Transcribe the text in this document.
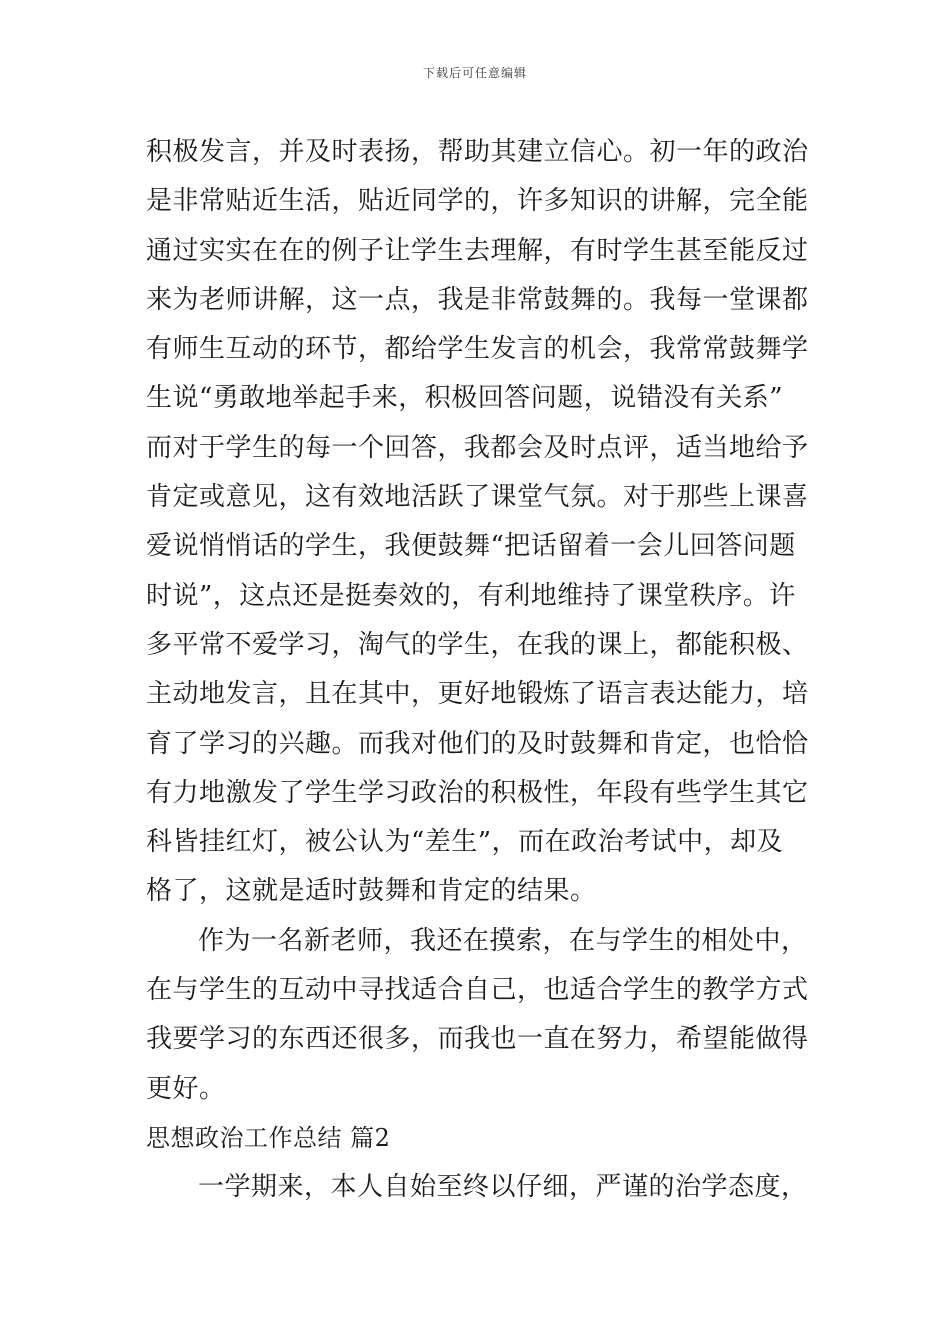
下载后可任意编辑
积极发言，并及时表扬，帮助其建立信心。初一年的政治
是非常贴近生活，贴近同学的，许多知识的讲解，完全能
通过实实在在的例子让学生去理解，有时学生甚至能反过
来为老师讲解，这一点，我是非常鼓舞的。我每一堂课都
有师生互动的环节，都给学生发言的机会，我常常鼓舞学
生说“勇敢地举起手来，积极回答问题，说错没有关系”
而对于学生的每一个回答，我都会及时点评，适当地给予
肯定或意见，这有效地活跃了课堂气氛。对于那些上课喜
爱说悄悄话的学生，我便鼓舞“把话留着一会儿回答问题
时说”，这点还是挺奏效的，有利地维持了课堂秩序。许
多平常不爱学习，淘气的学生，在我的课上，都能积极、
主动地发言，且在其中，更好地锻炼了语言表达能力，培
育了学习的兴趣。而我对他们的及时鼓舞和肯定，也恰恰
有力地激发了学生学习政治的积极性，年段有些学生其它
科皆挂红灯，被公认为“差生”，而在政治考试中，却及
格了，这就是适时鼓舞和肯定的结果。
作为一名新老师，我还在摸索，在与学生的相处中，
在与学生的互动中寻找适合自己，也适合学生的教学方式
我要学习的东西还很多，而我也一直在努力，希望能做得
更好。
思想政治工作总结 篇2
一学期来，本人自始至终以仔细，严谨的治学态度，
